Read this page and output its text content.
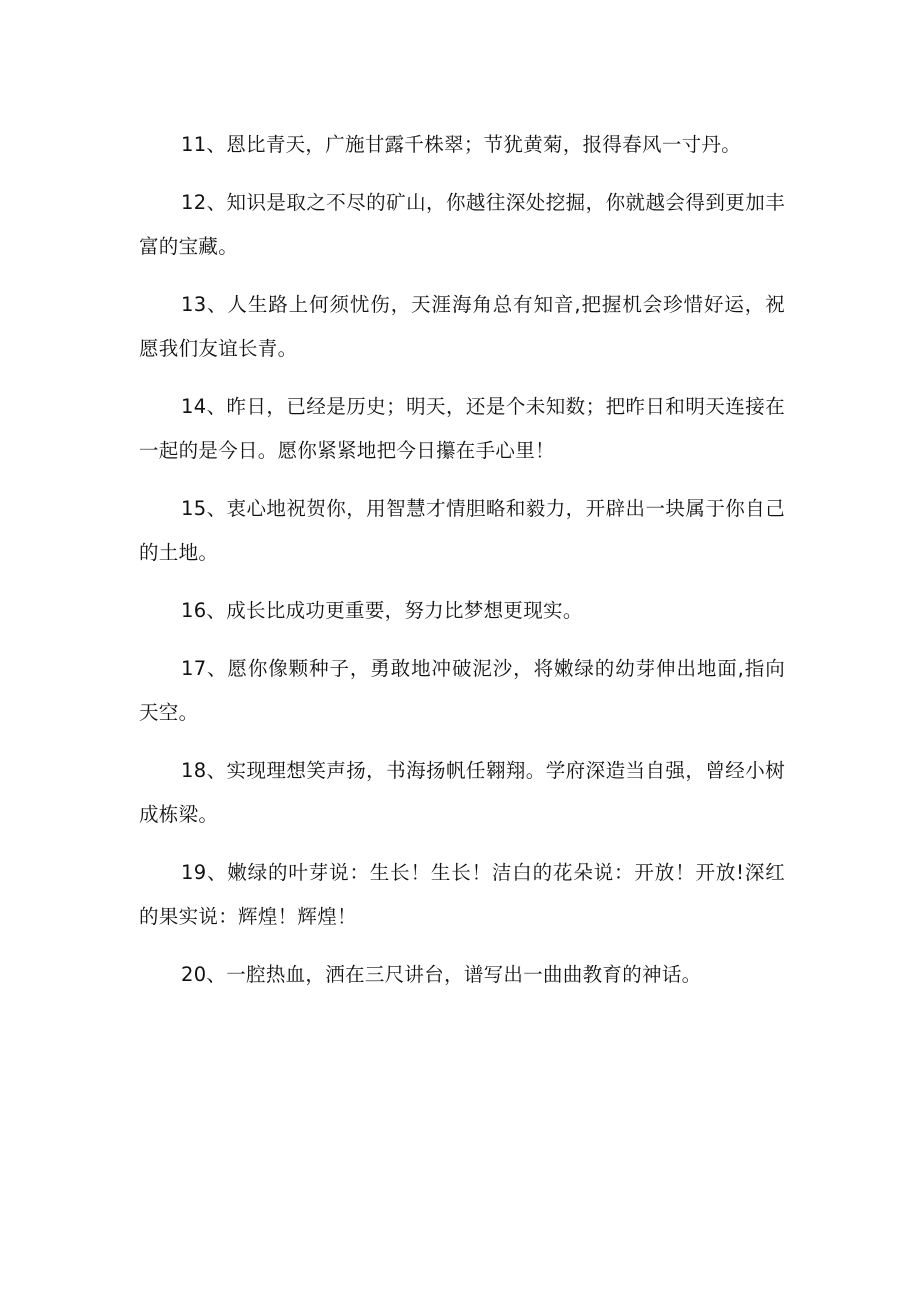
11、恩比青天，广施甘露千株翠；节犹黄菊，报得春风一寸丹。

12、知识是取之不尽的矿山，你越往深处挖掘，你就越会得到更加丰富的宝藏。

13、人生路上何须忧伤，天涯海角总有知音,把握机会珍惜好运，祝愿我们友谊长青。

14、昨日，已经是历史；明天，还是个未知数；把昨日和明天连接在一起的是今日。愿你紧紧地把今日攥在手心里！

15、衷心地祝贺你，用智慧才情胆略和毅力，开辟出一块属于你自己的土地。

16、成长比成功更重要，努力比梦想更现实。

17、愿你像颗种子，勇敢地冲破泥沙，将嫩绿的幼芽伸出地面,指向天空。

18、实现理想笑声扬，书海扬帆任翱翔。学府深造当自强，曾经小树成栋梁。

19、嫩绿的叶芽说：生长！生长！洁白的花朵说：开放！开放!深红的果实说：辉煌！辉煌！

20、一腔热血，洒在三尺讲台，谱写出一曲曲教育的神话。
